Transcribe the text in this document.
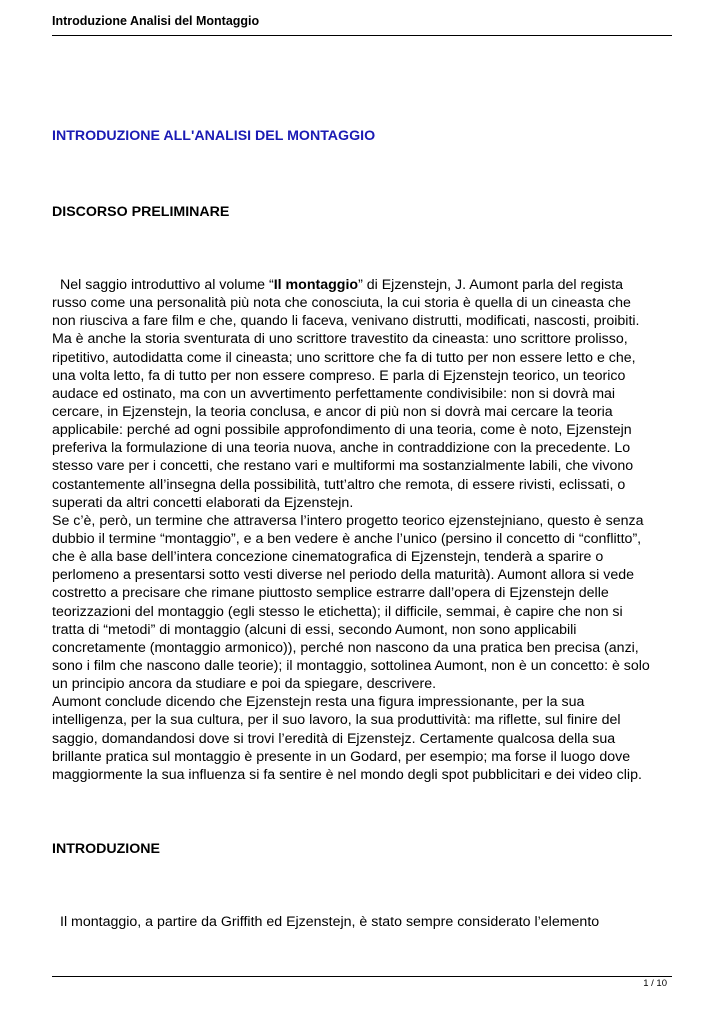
Introduzione Analisi del Montaggio
INTRODUZIONE ALL'ANALISI DEL MONTAGGIO
DISCORSO PRELIMINARE
Nel saggio introduttivo al volume “Il montaggio” di Ejzenstejn, J. Aumont parla del regista
russo come una personalità più nota che conosciuta, la cui storia è quella di un cineasta che
non riusciva a fare film e che, quando li faceva, venivano distrutti, modificati, nascosti, proibiti.
Ma è anche la storia sventurata di uno scrittore travestito da cineasta: uno scrittore prolisso,
ripetitivo, autodidatta come il cineasta; uno scrittore che fa di tutto per non essere letto e che,
una volta letto, fa di tutto per non essere compreso. E parla di Ejzenstejn teorico, un teorico
audace ed ostinato, ma con un avvertimento perfettamente condivisibile: non si dovrà mai
cercare, in Ejzenstejn, la teoria conclusa, e ancor di più non si dovrà mai cercare la teoria
applicabile: perché ad ogni possibile approfondimento di una teoria, come è noto, Ejzenstejn
preferiva la formulazione di una teoria nuova, anche in contraddizione con la precedente. Lo
stesso vare per i concetti, che restano vari e multiformi ma sostanzialmente labili, che vivono
costantemente all’insegna della possibilità, tutt’altro che remota, di essere rivisti, eclissati, o
superati da altri concetti elaborati da Ejzenstejn.
Se c’è, però, un termine che attraversa l’intero progetto teorico ejzenstejniano, questo è senza
dubbio il termine “montaggio”, e a ben vedere è anche l’unico (persino il concetto di “conflitto”,
che è alla base dell’intera concezione cinematografica di Ejzenstejn, tenderà a sparire o
perlomeno a presentarsi sotto vesti diverse nel periodo della maturità). Aumont allora si vede
costretto a precisare che rimane piuttosto semplice estrarre dall’opera di Ejzenstejn delle
teorizzazioni del montaggio (egli stesso le etichetta); il difficile, semmai, è capire che non si
tratta di “metodi” di montaggio (alcuni di essi, secondo Aumont, non sono applicabili
concretamente (montaggio armonico)), perché non nascono da una pratica ben precisa (anzi,
sono i film che nascono dalle teorie); il montaggio, sottolinea Aumont, non è un concetto: è solo
un principio ancora da studiare e poi da spiegare, descrivere.
Aumont conclude dicendo che Ejzenstejn resta una figura impressionante, per la sua
intelligenza, per la sua cultura, per il suo lavoro, la sua produttività: ma riflette, sul finire del
saggio, domandandosi dove si trovi l’eredità di Ejzenstejz. Certamente qualcosa della sua
brillante pratica sul montaggio è presente in un Godard, per esempio; ma forse il luogo dove
maggiormente la sua influenza si fa sentire è nel mondo degli spot pubblicitari e dei video clip.
INTRODUZIONE
Il montaggio, a partire da Griffith ed Ejzenstejn, è stato sempre considerato l’elemento
1 / 10
